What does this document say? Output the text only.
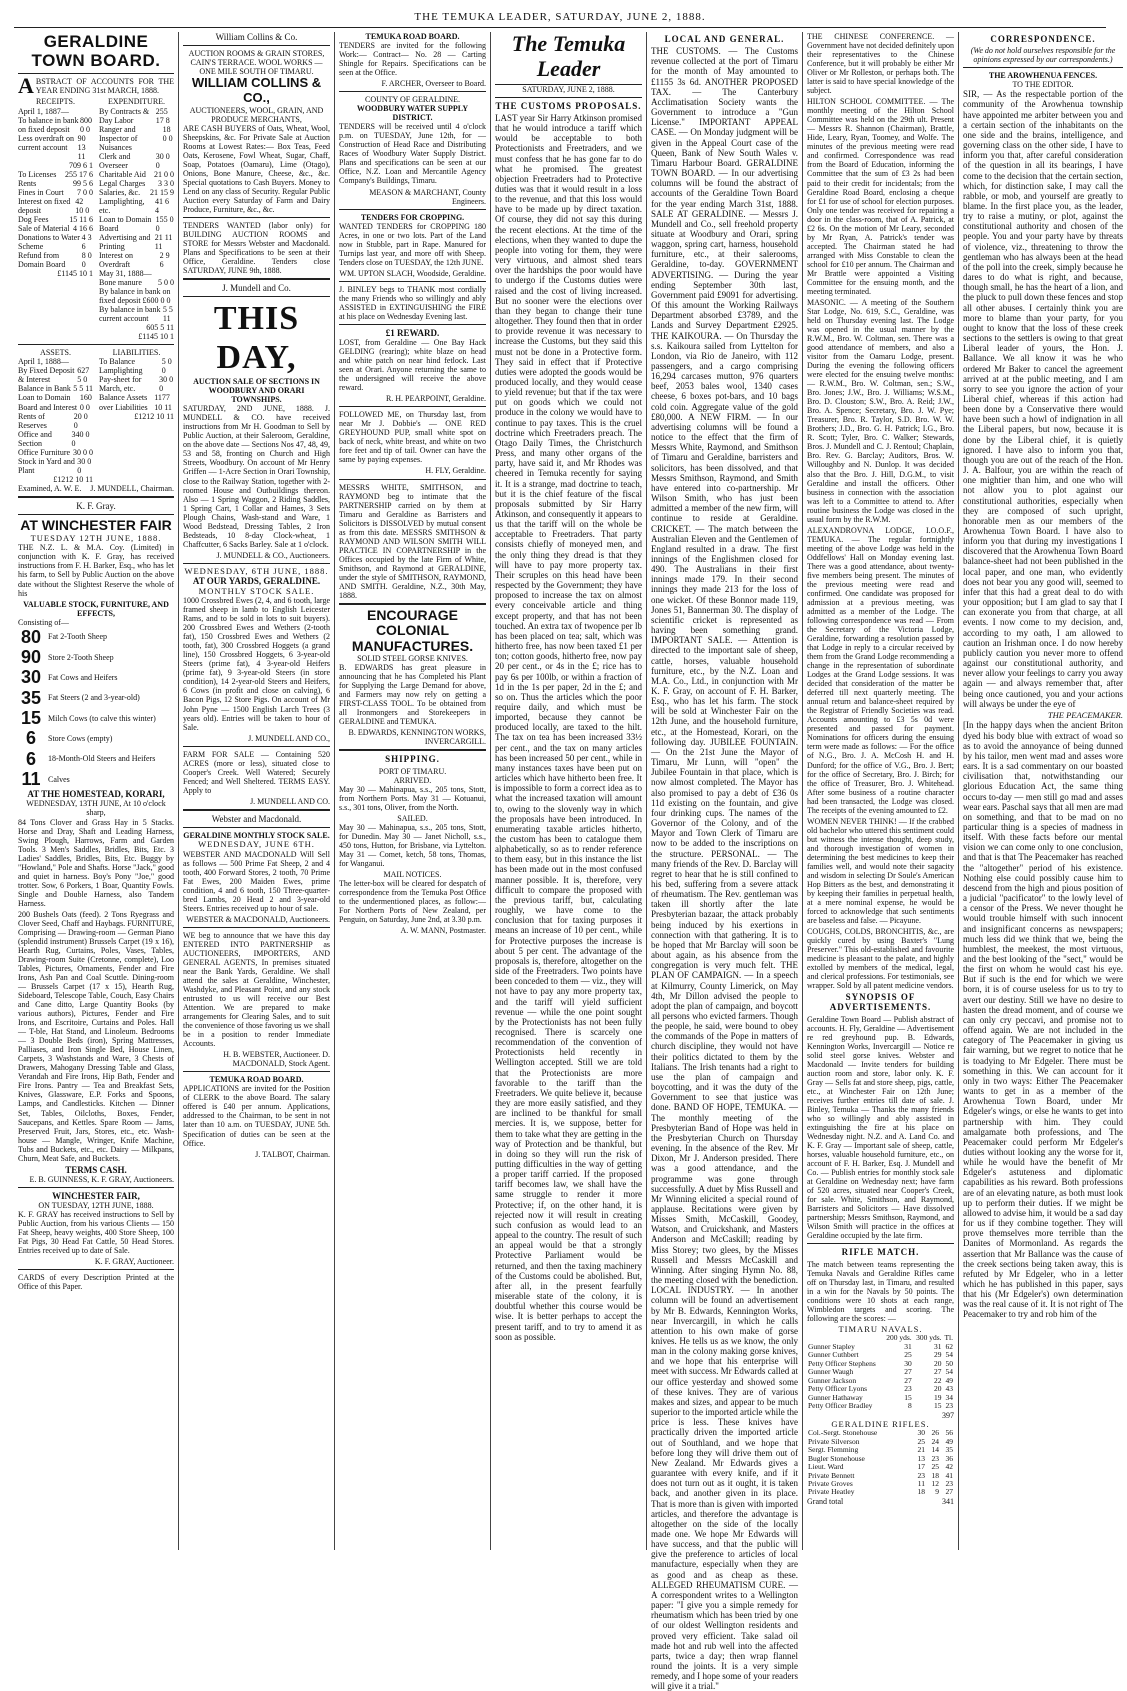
THE TEMUKA LEADER, SATURDAY, JUNE 2, 1888.
GERALDINE TOWN BOARD.

ABSTRACT OF ACCOUNTS FOR THE YEAR ENDING 31st MARCH, 1888.

RECEIPTS.
April 1, 1887—
To balance in bank on fixed deposit
800 0 0
Less overdraft on current account
90 13 11
709 6 1
To Licenses 255 17 6
Rents	99 5 6
Fines in Court 7 0 0
Interest on fixed deposit
42 10 0
Dog Fees	15 11 6
Sale of Material 4 16 6
Donations to Water Scheme
4 3 6
Refund from Domain Board
8 0 0
£1145 10 1
EXPENDITURE.
By Contracts & Day Labor
255 17 8
Ranger and Inspector of Nuisances
18 0 0
Clerk and Overseer
30 0 0
Charitable Aid 21 0 0
Legal Charges 3 3 0
Salaries, &c. 21 15 9
Lamplighting, etc.
41 6 4
Loan to Domain Board
155 0 0
Advertising and Printing
21 11 11
Interest on Overdraft
2 9 6
May 31, 1888—
Bone manure 5 0 0
By balance in bank on fixed deposit £600 0 0
By balance in bank current account
5 5 11
605 5 11
£1145 10 1
ASSETS.
April 1, 1888—
By Fixed Deposit & Interest
627 5 0
Balance in Bank 5 5 11
Loan to Domain Board and Interest
160 0 0
Rents of Reserves
20 0 0
Office and Section
340 0 0
Office Furniture 30 0 0
Stock in Yard and Plant
30 0 0
£1212 10 11
LIABILITIES.
To Balance Lamplighting
5 0 0
Pay-sheet for March, etc.
30 0 0
Balance Assets over Liabilities
1177 10 11
£1212 10 11
Examined, A. W. E. J. MUNDELL, Chairman.
K. F. Gray.
AT WINCHESTER FAIR
TUESDAY 12TH JUNE, 1888.

THE N.Z. L. & M.A. Coy. (Limited) in conjunction with K. F. Gray, has received instructions from F. H. Barker, Esq., who has let his farm, to Sell by Public Auction on the above date without the Slightest Reserve the whole of his

VALUABLE STOCK, FURNITURE, AND EFFECTS,
Consisting of—
80 Fat 2-Tooth Sheep
90 Store 2-Tooth Sheep
30 Fat Cows and Heifers
35 Fat Steers (2 and 3-year-old)
15 Milch Cows (to calve this winter)
6	Store Cows (empty)
6	18-Month-Old Steers and Heifers
11 Calves
AT THE HOMESTEAD, KORARI,
WEDNESDAY, 13TH JUNE, At 10 o'clock sharp,

84 Tons Clover and Grass Hay in 5 Stacks. Horse and Dray, Shaft and Leading Harness, Swing Plough, Harrows, Farm and Garden Tools. 3 Men's Saddles, Bridles, Bits, Etc. 3 Ladies' Saddles, Bridles, Bits, Etc. Buggy by "Howland," Pole and Shafts. Horse "Jack," good and quiet in harness. Boy's Pony "Joe," good trotter. Sow, 6 Porkers, 1 Boar, Quantity Fowls. Single and Double Harness, also Tandem Harness.

200 Bushels Oats (feed). 2 Tons Ryegrass and Clover Seed, Chaff and Haybags. FURNITURE, Comprising — Drawing-room — German Piano (splendid instrument) Brussels Carpet (19 x 16), Hearth Rug, Curtains, Poles, Vases, Tables, Drawing-room Suite (Cretonne, complete), Loo Tables, Pictures, Ornaments, Fender and Fire Irons, Ash Pan and Coal Scuttle. Dining-room — Brussels Carpet (17 x 15), Hearth Rug, Sideboard, Telescope Table, Couch, Easy Chairs and Cane ditto, Large Quantity Books (by various authors), Pictures, Fender and Fire Irons, and Escritoire, Curtains and Poles. Hall — T-ble, Hat Stand, and Linoleum. Bedrooms — 3 Double Beds (iron), Spring Mattresses, Palliases, and Iron Single Bed, House Linen, Carpets, 3 Washstands and Ware, 3 Chests of Drawers, Mahogany Dressing Table and Glass, Verandah and Fire Irons, Hip Bath, Fender and Fire Irons. Pantry — Tea and Breakfast Sets, Knives, Glassware, E.P. Forks and Spoons, Lamps, and Candlesticks. Kitchen — Dinner Set, Tables, Oilcloths, Boxes, Fender, Saucepans, and Kettles. Spare Room — Jams, Preserved Fruit, Jars, Stores, etc., etc. Wash-house — Mangle, Wringer, Knife Machine, Tubs and Buckets, etc., etc. Dairy — Milkpans, Churn, Meat Safe, and Buckets.

TERMS CASH.
E. B. GUINNESS, K. F. GRAY, Auctioneers.
WINCHESTER FAIR,
ON TUESDAY, 12TH JUNE, 1888.

K. F. GRAY has received instructions to Sell by Public Auction, from his various Clients — 150 Fat Sheep, heavy weights, 400 Store Sheep, 100 Fat Pigs, 30 Head Fat Cattle, 50 Head Stores. Entries received up to date of Sale.

K. F. GRAY, Auctioneer.

CARDS of every Description Printed at the Office of this Paper.

William Collins & Co.
AUCTION ROOMS & GRAIN STORES, CAIN'S TERRACE. WOOL WORKS — ONE MILE SOUTH OF TIMARU.
WILLIAM COLLINS & CO.,
AUCTIONEERS, WOOL, GRAIN, AND PRODUCE MERCHANTS,

ARE CASH BUYERS of Oats, Wheat, Wool, Sheepskins, &c. For Private Sale at Auction Rooms at Lowest Rates:— Box Teas, Feed Oats, Kerosene, Fowl Wheat, Sugar, Chaff, Soap, Potatoes (Oamaru), Lime (Otago), Onions, Bone Manure, Cheese, &c., &c. Special quotations to Cash Buyers. Money to Lend on any class of Security. Regular Public Auction every Saturday of Farm and Dairy Produce, Furniture, &c., &c.

TENDERS WANTED (labor only) for BUILDING AUCTION ROOMS and STORE for Messrs Webster and Macdonald. Plans and Specifications to be seen at their Office, Geraldine. Tenders close SATURDAY, JUNE 9th, 1888.

J. Mundell and Co.
THIS DAY,
AUCTION SALE OF SECTIONS IN WOODBURY AND ORARI TOWNSHIPS.

SATURDAY, 2ND JUNE, 1888. J. MUNDELL & CO. have received instructions from Mr H. Goodman to Sell by Public Auction, at their Saleroom, Geraldine, on the above date — Sections Nos 47, 48, 49, 53 and 58, fronting on Church and High Streets, Woodbury. On account of Mr Henry Griffen — 1-Acre Section in Orari Township, close to the Railway Station, together with 2-roomed House and Outbuildings thereon. Also — 1 Spring Waggon, 2 Riding Saddles, 1 Spring Cart, 1 Collar and Hames, 3 Sets Plough Chains, Wash-stand and Ware, 1 Wood Bedstead, Dressing Tables, 2 Iron Bedsteads, 10 8-day Clock-wheat, 1 Chaffcutter, 6 Sacks Barley. Sale at 1 o'clock.

J. MUNDELL & CO., Auctioneers.
WEDNESDAY, 6TH JUNE, 1888.
AT OUR YARDS, GERALDINE.
MONTHLY STOCK SALE.

1000 Crossbred Ewes (2, 4, and 6 tooth, large framed sheep in lamb to English Leicester Rams, and to be sold in lots to suit buyers). 200 Crossbred Ewes and Wethers (2-tooth fat), 150 Crossbred Ewes and Wethers (2 tooth, fat), 300 Crossbred Hoggets (a grand line), 150 Crossbred Hoggets, 6 3-year-old Steers (prime fat), 4 3-year-old Heifers (prime fat), 9 3-year-old Steers (in store condition), 14 2-year-old Steers and Heifers, 6 Cows (in profit and close on calving), 6 Bacon Pigs, 12 Store Pigs. On account of Mr John Pyne — 1500 English Larch Trees (3 years old). Entries will be taken to hour of Sale.

J. MUNDELL AND CO.,

FARM FOR SALE — Containing 520 ACRES (more or less), situated close to Cooper's Creek. Well Watered; Securely Fenced; and Well Sheltered. TERMS EASY. Apply to

J. MUNDELL AND CO.
Webster and Macdonald.
GERALDINE MONTHLY STOCK SALE.
WEDNESDAY, JUNE 6TH.

WEBSTER AND MACDONALD Will Sell as follows — 500 Prime Fat Sheep, 2 and 4 tooth, 400 Forward Stores, 2 tooth, 70 Prime Fat Ewes, 200 Maiden Ewes, prime condition, 4 and 6 tooth, 150 Three-quarter-bred Lambs, 20 Head 2 and 3-year-old Steers. Entries received up to hour of sale.

WEBSTER & MACDONALD, Auctioneers.

WE beg to announce that we have this day ENTERED INTO PARTNERSHIP as AUCTIONEERS, IMPORTERS, AND GENERAL AGENTS, In premises situated near the Bank Yards, Geraldine. We shall attend the sales at Geraldine, Winchester, Washdyke, and Pleasant Point, and any stock entrusted to us will receive our Best Attention. We are prepared to make arrangements for Clearing Sales, and to suit the convenience of those favoring us we shall be in a position to render Immediate Accounts.

H. B. WEBSTER, Auctioneer. D. MACDONALD, Stock Agent.
TEMUKA ROAD BOARD.

APPLICATIONS are invited for the Position of CLERK to the above Board. The salary offered is £40 per annum. Applications, addressed to the Chairman, to be sent in not later than 10 a.m. on TUESDAY, JUNE 5th. Specification of duties can be seen at the Office.

J. TALBOT, Chairman.
TEMUKA ROAD BOARD.

TENDERS are invited for the following Work:— Contract— No. 28 — Carting Shingle for Repairs. Specifications can be seen at the Office.

F. ARCHER, Overseer to Board.
COUNTY OF GERALDINE.
WOODBURY WATER SUPPLY DISTRICT.

TENDERS will be received until 4 o'clock p.m. on TUESDAY, June 12th, for — Construction of Head Race and Distributing Races of Woodbury Water Supply District. Plans and specifications can be seen at our Office, N.Z. Loan and Mercantile Agency Company's Buildings, Timaru.

MEASON & MARCHANT, County Engineers.
TENDERS FOR CROPPING.

WANTED TENDERS for CROPPING 180 Acres, in one or two lots. Part of the Land now in Stubble, part in Rape. Manured for Turnips last year, and more off with Sheep. Tenders close on TUESDAY, the 12th JUNE.

WM. UPTON SLACH, Woodside, Geraldine.

J. BINLEY begs to THANK most cordially the many Friends who so willingly and ably ASSISTED in EXTINGUISHING the FIRE at his place on Wednesday Evening last.

£1 REWARD.

LOST, from Geraldine — One Bay Hack GELDING (rearing); white blaze on head and white patch on near hind fetlock. Last seen at Orari. Anyone returning the same to the undersigned will receive the above reward.

R. H. PEARPOINT, Geraldine.

FOLLOWED ME, on Thursday last, from near Mr J. Dobbie's — ONE RED GREYHOUND PUP, small white spot on back of neck, white breast, and white on two fore feet and tip of tail. Owner can have the same by paying expenses.

H. FLY, Geraldine.

MESSRS WHITE, SMITHSON, and RAYMOND beg to intimate that the PARTNERSHIP carried on by them at Timaru and Geraldine as Barristers and Solicitors is DISSOLVED by mutual consent as from this date. MESSRS SMITHSON & RAYMOND AND WILSON SMITH WILL PRACTICE IN COPARTNERSHIP in the Offices occupied by the late Firm of White, Smithson, and Raymond at GERALDINE, under the style of SMITHSON, RAYMOND, AND SMITH. Geraldine, N.Z., 30th May, 1888.

ENCOURAGE COLONIAL MANUFACTURES.
SOLID STEEL GORSE KNIVES.

B. EDWARDS has great pleasure in announcing that he has Completed his Plant for Supplying the Large Demand for above, and Farmers may now rely on getting a FIRST-CLASS TOOL. To be obtained from all Ironmongers and Storekeepers in GERALDINE and TEMUKA.

B. EDWARDS, KENNINGTON WORKS, INVERCARGILL.
SHIPPING.
PORT OF TIMARU.
ARRIVED.

May 30 — Mahinapua, s.s., 205 tons, Stott, from Northern Ports. May 31 — Kotuanui, s.s., 301 tons, Oliver, from the North.

SAILED.

May 30 — Mahinapua, s.s., 205 tons, Stott, for Dunedin. May 30 — Janet Nicholl, s.s., 450 tons, Hutton, for Brisbane, via Lyttelton. May 31 — Comet, ketch, 58 tons, Thomas, for Wanganui.

MAIL NOTICES.

The letter-box will be cleared for despatch of correspondence from the Temuka Post Office to the undermentioned places, as follow:— For Northern Ports of New Zealand, per Penguin, on Saturday, June 2nd, at 3.30 p.m.

A. W. MANN, Postmaster.
The Temuka Leader
SATURDAY, JUNE 2, 1888.
THE CUSTOMS PROPOSALS.

LAST year Sir Harry Atkinson promised that he would introduce a tariff which would be acceptable to both Protectionists and Freetraders, and we must confess that he has gone far to do what he promised. The greatest objection Freetraders had to Protective duties was that it would result in a loss to the revenue, and that this loss would have to be made up by direct taxation. Of course, they did not say this during the recent elections. At the time of the elections, when they wanted to dupe the people into voting for them, they were very virtuous, and almost shed tears over the hardships the poor would have to undergo if the Customs duties were raised and the cost of living increased. But no sooner were the elections over than they began to change their tune altogether. They found then that in order to provide revenue it was necessary to increase the Customs, but they said this must not be done in a Protective form. They said in effect that if Protective duties were adopted the goods would be produced locally, and they would cease to yield revenue; but that if the tax were put on goods which we could not produce in the colony we would have to continue to pay taxes. This is the cruel doctrine which Freetraders preach. The Otago Daily Times, the Christchurch Press, and many other organs of the party, have said it, and Mr Rhodes was cheered in Temuka recently for saying it. It is a strange, mad doctrine to teach, but it is the chief feature of the fiscal proposals submitted by Sir Harry Atkinson, and consequently it appears to us that the tariff will on the whole be acceptable to Freetraders. That party consists chiefly of moneyed men, and the only thing they dread is that they will have to pay more property tax. Their scruples on this head have been respected by the Government; they have proposed to increase the tax on almost every conceivable article and thing except property, and that has not been touched. An extra tax of twopence per lb has been placed on tea; salt, which was hitherto free, has now been taxed £1 per ton; cotton goods, hitherto free, now pay 20 per cent., or 4s in the £; rice has to pay 6s per 100lb, or within a fraction of 1d in the 1s per paper, 2d in the £; and so on. Thus the articles which the poor require daily, and which must be imported, because they cannot be produced locally, are taxed to the hilt. The tax on tea has been increased 33½ per cent., and the tax on many articles has been increased 50 per cent., while in many instances taxes have been put on articles which have hitherto been free. It is impossible to form a correct idea as to what the increased taxation will amount to, owing to the slovenly way in which the proposals have been introduced. In enumerating taxable articles hitherto, the custom has been to catalogue them alphabetically, so as to render reference to them easy, but in this instance the list has been made out in the most confused manner possible. It is, therefore, very difficult to compare the proposed with the previous tariff, but, calculating roughly, we have come to the conclusion that for taxing purposes it means an increase of 10 per cent., while for Protective purposes the increase is about 5 per cent. The advantage of the proposals is, therefore, altogether on the side of the Freetraders. Two points have been conceded to them — viz., they will not have to pay any more property tax, and the tariff will yield sufficient revenue — while the one point sought by the Protectionists has not been fully recognised. There is scarcely one recommendation of the convention of Protectionists held recently in Wellington accepted. Still we are told that the Protectionists are more favorable to the tariff than the Freetraders. We quite believe it, because they are more easily satisfied, and they are inclined to be thankful for small mercies. It is, we suppose, better for them to take what they are getting in the way of Protection and be thankful, but in doing so they will run the risk of putting difficulties in the way of getting a proper tariff carried. If the proposed tariff becomes law, we shall have the same struggle to render it more Protective; if, on the other hand, it is rejected now it will result in creating such confusion as would lead to an appeal to the country. The result of such an appeal would be that a strongly Protective Parliament would be returned, and then the taxing machinery of the Customs could be abolished. But, after all, in the present fearfully miserable state of the colony, it is doubtful whether this course would be wise. It is better perhaps to accept the present tariff, and to try to amend it as soon as possible.

LOCAL AND GENERAL.

THE CUSTOMS. — The Customs revenue collected at the port of Timaru for the month of May amounted to £1155 3s 6d. ANOTHER PROPOSED TAX. — The Canterbury Acclimatisation Society wants the Government to introduce a "Gun License." IMPORTANT APPEAL CASE. — On Monday judgment will be given in the Appeal Court case of the Queen, Bank of New South Wales v. Timaru Harbour Board. GERALDINE TOWN BOARD. — In our advertising columns will be found the abstract of accounts of the Geraldine Town Board for the year ending March 31st, 1888. SALE AT GERALDINE. — Messrs J. Mundell and Co., sell freehold property situate at Woodbury and Orari, spring waggon, spring cart, harness, household furniture, etc., at their salerooms, Geraldine, to-day. GOVERNMENT ADVERTISING. — During the year ending September 30th last, Government paid £9091 for advertising. Of this amount the Working Railways Department absorbed £3789, and the Lands and Survey Department £2925. THE KAIKOURA. — On Thursday the s.s. Kaikoura sailed from Lyttelton for London, via Rio de Janeiro, with 112 passengers, and a cargo comprising 16,294 carcases mutton, 976 quarters beef, 2053 bales wool, 1340 cases cheese, 6 boxes pot-bars, and 10 bags cold coin. Aggregate value of the gold £80,000. A NEW FIRM. — In our advertising columns will be found a notice to the effect that the firm of Messrs White, Raymond, and Smithson of Timaru and Geraldine, barristers and solicitors, has been dissolved, and that Messrs Smithson, Raymond, and Smith have entered into co-partnership. Mr Wilson Smith, who has just been admitted a member of the new firm, will continue to reside at Geraldine. CRICKET. — The match between the Australian Eleven and the Gentlemen of England resulted in a draw. The first innings of the Englishmen closed for 490. The Australians in their first innings made 179. In their second innings they made 213 for the loss of one wicket. Of these Bonnor made 119, Jones 51, Bannerman 30. The display of scientific cricket is represented as having been something grand. IMPORTANT SALE. — Attention is directed to the important sale of sheep, cattle, horses, valuable household furniture, etc., by the N.Z. Loan and M.A. Co., Ltd., in conjunction with Mr K. F. Gray, on account of F. H. Barker, Esq., who has let his farm. The stock will be sold at Winchester Fair on the 12th June, and the household furniture, etc., at the Homestead, Korari, on the following day. JUBILEE FOUNTAIN. — On the 21st June the Mayor of Timaru, Mr Lunn, will "open" the Jubilee Fountain in that place, which is now almost completed. The Mayor has also promised to pay a debt of £36 0s 11d existing on the fountain, and give four drinking cups. The names of the Governor of the Colony, and of the Mayor and Town Clerk of Timaru are now to be added to the inscriptions on the structure. PERSONAL. — The many friends of the Rev. D. Barclay will regret to hear that he is still confined to his bed, suffering from a severe attack of rheumatism. The Rev. gentleman was taken ill shortly after the late Presbyterian bazaar, the attack probably being induced by his exertions in connection with that gathering. It is to be hoped that Mr Barclay will soon be about again, as his absence from the congregation is very much felt. THE PLAN OF CAMPAIGN. — In a speech at Kilmurry, County Limerick, on May 4th, Mr Dillon advised the people to adopt the plan of campaign, and boycott all persons who evicted farmers. Though the people, he said, were bound to obey the commands of the Pope in matters of church discipline, they would not have their politics dictated to them by the Italians. The Irish tenants had a right to use the plan of campaign and boycotting, and it was the duty of the Government to see that justice was done. BAND OF HOPE, TEMUKA. — The monthly meeting of the Presbyterian Band of Hope was held in the Presbyterian Church on Thursday evening. In the absence of the Rev. Mr Dixon, Mr J. Anderson presided. There was a good attendance, and the programme was gone through successfully. A duet by Miss Russell and Mr Winning elicited a special round of applause. Recitations were given by Misses Smith, McCaskill, Goodey, Watson, and Cruickshank, and Masters Anderson and McCaskill; reading by Miss Storey; two glees, by the Misses Russell and Messrs McCaskill and Winning. After singing Hymn No. 88, the meeting closed with the benediction. LOCAL INDUSTRY. — In another column will be found an advertisement by Mr B. Edwards, Kennington Works, near Invercargill, in which he calls attention to his own make of gorse knives. He tells us as we know, the only man in the colony making gorse knives, and we hope that his enterprise will meet with success. Mr Edwards called at our office yesterday and showed some of these knives. They are of various makes and sizes, and appear to be much superior to the imported article while the price is less. These knives have practically driven the imported article out of Southland, and we hope that before long they will drive them out of New Zealand. Mr Edwards gives a guarantee with every knife, and if it does not turn out as it ought, it is taken back, and another given in its place. That is more than is given with imported articles, and therefore the advantage is altogether on the side of the locally made one. We hope Mr Edwards will have success, and that the public will give the preference to articles of local manufacture, especially when they are as good and as cheap as these. ALLEGED RHEUMATISM CURE. — A correspondent writes to a Wellington paper: "I give you a simple remedy for rheumatism which has been tried by one of our oldest Wellington residents and proved very efficient. Take salad oil made hot and rub well into the affected parts, twice a day; then wrap flannel round the joints. It is a very simple remedy, and I hope some of your readers will give it a trial."

THE CHINESE CONFERENCE. — Government have not decided definitely upon their representatives to the Chinese Conference, but it will probably be either Mr Oliver or Mr Rolleston, or perhaps both. The latter is said to have special knowledge of the subject.

HILTON SCHOOL COMMITTEE. — The monthly meeting of the Hilton School Committee was held on the 29th ult. Present — Messrs R. Shannon (Chairman), Brattle, Hide, Leary, Ryan, Toomey, and Wolfe. The minutes of the previous meeting were read and confirmed. Correspondence was read from the Board of Education, informing the Committee that the sum of £3 2s had been paid to their credit for incidentals; from the Geraldine Road Board, enclosing a cheque for £1 for use of school for election purposes. Only one tender was received for repairing a door in the class-room, that of A. Patrick, at £2 6s. On the motion of Mr Leary, seconded by Mr Ryan, A. Patrick's tender was accepted. The Chairman stated he had arranged with Miss Constable to clean the school for £10 per annum. The Chairman and Mr Brattle were appointed a Visiting Committee for the ensuing month, and the meeting terminated.

MASONIC. — A meeting of the Southern Star Lodge, No. 619, S.C., Geraldine, was held on Thursday evening last. The Lodge was opened in the usual manner by the R.W.M., Bro. W. Coltman, sen. There was a good attendance of members, and also a visitor from the Oamaru Lodge, present. During the evening the following officers were elected for the ensuing twelve months: — R.W.M., Bro. W. Coltman, sen.; S.W., Bro. Jones; J.W., Bro. J. Williams; W.S.M., Bro. D. Clouston; S.W., Bro. A. Reid; J.W., Bro. A. Spence; Secretary, Bro. J. W. Pye; Treasurer, Bro. R. Taylor, S.D. Bro. W. W. Brothers; J.D., Bro. G. H. Patrick; I.G., Bro. R. Scott; Tyler, Bro. C. Walker; Stewards, Bros. J. Mundell and C. J. Rentoul; Chaplain, Bro. Rev. G. Barclay; Auditors, Bros. W. Willoughby and N. Dunlop. It was decided also that the Bro. J. Hill, D.G.M., to visit Geraldine and install the officers. Other business in connection with the association was left to a Committee to attend to. After routine business the Lodge was closed in the usual form by the R.W.M.

ALEXANDROVNA LODGE, I.O.O.F., TEMUKA. — The regular fortnightly meeting of the above Lodge was held in the Oddfellows' Hall on Monday evening last. There was a good attendance, about twenty-five members being present. The minutes of the previous meeting were read and confirmed. One candidate was proposed for admission at a previous meeting, was admitted as a member of the Lodge. The following correspondence was read — From the Secretary of the Victoria Lodge, Geraldine, forwarding a resolution passed by that Lodge in reply to a circular received by them from the Grand Lodge recommending a change in the representation of subordinate Lodges at the Grand Lodge sessions. It was decided that consideration of the matter be deferred till next quarterly meeting. The annual return and balance-sheet required by the Registrar of Friendly Societies was read. Accounts amounting to £3 5s 0d were presented and passed for payment. Nominations for officers during the ensuing term were made as follows: — For the office of N.G., Bro. J. A. McCosh H. and H. Dunford; for the office of V.G., Bro. J. Bert; for the office of Secretary, Bro. J. Birch; for the office of Treasurer, Bro. J. Whitehead. After some business of a routine character had been transacted, the Lodge was closed. The receipts of the evening amounted to £2.

WOMEN NEVER THINK! — If the crabbed old bachelor who uttered this sentiment could but witness the intense thought, deep study, and thorough investigation of women in determining the best medicines to keep their families well, and would note their sagacity and wisdom in selecting Dr Soule's American Hop Bitters as the best, and demonstrating it by keeping their families in perpetual health, at a mere nominal expense, he would be forced to acknowledge that such sentiments are baseless and false. — Picayune.

COUGHS, COLDS, BRONCHITIS, &c., are quickly cured by using Baxter's "Lung Preserver." This old-established and favourite medicine is pleasant to the palate, and highly extolled by members of the medical, legal, and clerical professions. For testimonials, see wrapper. Sold by all patent medicine vendors.

SYNOPSIS OF ADVERTISEMENTS.

Geraldine Town Board — Publish abstract of accounts. H. Fly, Geraldine — Advertisement re red greyhound pup. B. Edwards, Kennington Works, Invercargill — Notice re solid steel gorse knives. Webster and Macdonald — Invite tenders for building auction room and store, labor only. K. F. Gray — Sells fat and store sheep, pigs, cattle, etc., at Winchester Fair on 12th June; receives further entries till date of sale. J. Binley, Temuka — Thanks the many friends who so willingly and ably assisted in extinguishing the fire at his place on Wednesday night. N.Z. and A. Land Co. and K. F. Gray — Important sale of sheep, cattle, horses, valuable household furniture, etc., on account of F. H. Barker, Esq. J. Mundell and Co. — Publish entries for monthly stock sale at Geraldine on Wednesday next; have farm of 520 acres, situated near Cooper's Creek, for sale. White, Smithson, and Raymond, Barristers and Solicitors — Have dissolved partnership; Messrs Smithson, Raymond, and Wilson Smith will practice in the offices at Geraldine occupied by the late firm.

RIFLE MATCH.

The match between teams representing the Temuka Navals and Geraldine Rifles came off on Thursday last, in Timaru, and resulted in a win for the Navals by 50 points. The conditions were 10 shots at each range, Wimbledon targets and scoring. The following are the scores: —

TIMARU NAVALS.
	200 yds.	300 yds.	Tl.
Gunner Stapley	31	31	62
Gunner Cuthbert	25	29	54
Petty Officer Stephens	30	20	50
Gunner Waugh	27	27	54
Gunner Jackson	27	22	49
Petty Officer Lyons	23	20	43
Gunner Hathaway	15	19	34
Petty Officer Bradley	8	15	23
397
GERALDINE RIFLES.
Col.-Sergt. Stonehouse	30	26	56
Private Silverson	25	24	49
Sergt. Flemming	21	14	35
Bugler Stonehouse	13	23	36
Lieut. Ward	17	25	42
Private Bennett	23	18	41
Private Groves	11	12	23
Private Heatley	18	9	27
Grand total	341
CORRESPONDENCE.
(We do not hold ourselves responsible for the opinions expressed by our correspondents.)
THE AROWHENUA FENCES.
TO THE EDITOR.

SIR, — As the respectable portion of the community of the Arowhenua township have appointed me arbiter between you and a certain section of the inhabitants on the one side and the brains, intelligence, and governing class on the other side, I have to inform you that, after careful consideration of the question in all its bearings, I have come to the decision that the certain section, which, for distinction sake, I may call the rabble, or mob, and yourself are greatly to blame. In the first place you, as the leader, try to raise a mutiny, or plot, against the constitutional authority and chosen of the people. You and your party have by threats of violence, viz., threatening to throw the gentleman who has always been at the head of the poll into the creek, simply because he dares to do what is right, and because, though small, he has the heart of a lion, and the pluck to pull down these fences and stop all other abuses. I certainly think you are more to blame than your party, for you ought to know that the loss of these creek sections to the settlers is owing to that great Liberal leader of yours, the Hon. J. Ballance. We all know it was he who ordered Mr Baker to cancel the agreement arrived at at the public meeting, and I am sorry to see you ignore the action of your Liberal chief, whereas if this action had been done by a Conservative there would have been such a howl of indignation in all the Liberal papers, but now, because it is done by the Liberal chief, it is quietly ignored. I have also to inform you that, though you are out of the reach of the Hon. J. A. Balfour, you are within the reach of one mightier than him, and one who will not allow you to plot against our constitutional authorities, especially when they are composed of such upright, honorable men as our members of the Arowhenua Town Board. I have also to inform you that during my investigations I discovered that the Arowhenua Town Board balance-sheet had not been published in the local paper, and one man, who evidently does not bear you any good will, seemed to infer that this had a great deal to do with your opposition; but I am glad to say that I can exonerate you from that charge, at all events. I now come to my decision, and, according to my oath, I am allowed to caution an Irishman once. I do now hereby publicly caution you never more to offend against our constitutional authority, and never allow your feelings to carry you away again — and always remember that, after being once cautioned, you and your actions will always be under the eye of

THE PEACEMAKER.

[In the happy days when the ancient Briton dyed his body blue with extract of woad so as to avoid the annoyance of being dunned by his tailor, men went mad and asses wore ears. It is a sad commentary on our boasted civilisation that, notwithstanding our glorious Education Act, the same thing occurs to-day — men still go mad and asses wear ears. Paschal says that all men are mad on something, and that to be mad on no particular thing is a species of madness in itself. With these facts before our mental vision we can come only to one conclusion, and that is that The Peacemaker has reached the "altogether" period of his existence. Nothing else could possibly cause him to descend from the high and pious position of a judicial "pacificator" to the lowly level of a censor of the Press. We never thought he would trouble himself with such innocent and insignificant concerns as newspapers; much less did we think that we, being the humblest, the meekest, the most virtuous, and the best looking of the "sect," would be the first on whom he would cast his eye. But if such is the end for which we were born, it is of course useless for us to try to avert our destiny. Still we have no desire to hasten the dread moment, and of course we can only cry peccavi, and promise not to offend again. We are not included in the category of The Peacemaker in giving us fair warning, but we regret to notice that he is toadying to Mr Edgeler. There must be something in this. We can account for it only in two ways: Either The Peacemaker wants to get in as a member of the Arowhenua Town Board, under Mr Edgeler's wings, or else he wants to get into partnership with him. They could amalgamate both professions, and The Peacemaker could perform Mr Edgeler's duties without looking any the worse for it, while he would have the benefit of Mr Edgeler's astuteness and diplomatic capabilities as his reward. Both professions are of an elevating nature, as both must look up to perform their duties. If we might be allowed to advise him, it would be a sad day for us if they combine together. They will prove themselves more terrible than the Danites of Mormonland. As regards the assertion that Mr Ballance was the cause of the creek sections being taken away, this is refuted by Mr Edgeler, who in a letter which he has published in this paper, says that his (Mr Edgeler's) own determination was the real cause of it. It is not right of The Peacemaker to try and rob him of the
